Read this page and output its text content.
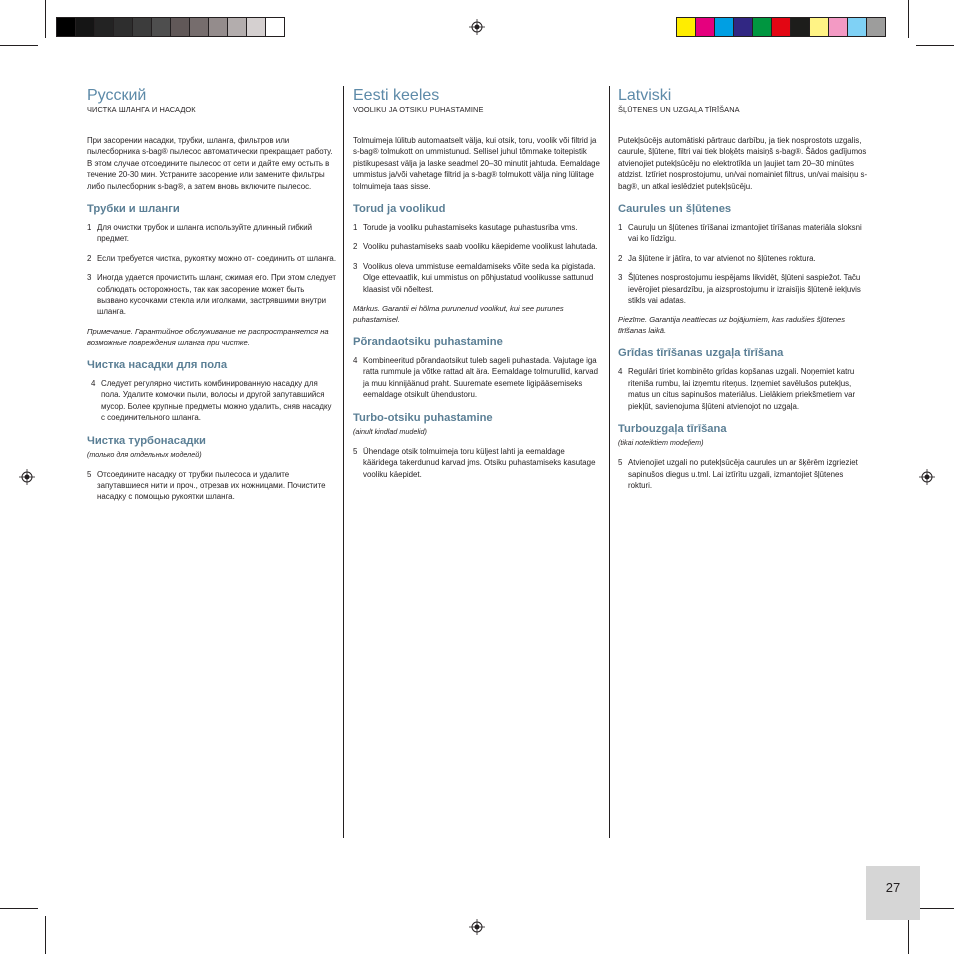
Русский
ЧИСТКА ШЛАНГА И НАСАДОК

При засорении насадки, трубки, шланга, фильтров или пылесборника s-bag® пылесос автоматически прекращает работу. В этом случае отсоедините пылесос от сети и дайте ему остыть в течение 20-30 мин. Устраните засорение или замените фильтры либо пылесборник s-bag®, а затем вновь включите пылесос.

Трубки и шланги
1 Для очистки трубок и шланга используйте длинный гибкий предмет.
2 Если требуется чистка, рукоятку можно от- соединить от шланга.
3 Иногда удается прочистить шланг, сжимая его. При этом следует соблюдать осторожность, так как засорение может быть вызвано кусочками стекла или иголками, застрявшими внутри шланга.

Примечание. Гарантийное обслуживание не распространяется на возможные повреждения шланга при чистке.

Чистка насадки для пола
4 Следует регулярно чистить комбинированную насадку для пола. Удалите комочки пыли, волосы и другой запутавшийся мусор. Более крупные предметы можно удалить, сняв насадку с соединительного шланга.
Чистка турбонасадки
(только для отдельных моделей)
5 Отсоедините насадку от трубки пылесоса и удалите запутавшиеся нити и проч., отрезав их ножницами. Почистите насадку с помощью рукоятки шланга.
Eesti keeles
VOOLIKU JA OTSIKU PUHASTAMINE

Tolmuimeja lülitub automaatselt välja, kui otsik, toru, voolik või filtrid ja s-bag® tolmukott on ummistunud. Sellisel juhul tõmmake toitepistik pistikupesast välja ja laske seadmel 20–30 minutit jahtuda. Eemaldage ummistus ja/või vahetage filtrid ja s-bag® tolmukott välja ning lülitage tolmuimeja taas sisse.

Torud ja voolikud
1 Torude ja vooliku puhastamiseks kasutage puhastusriba vms.
2 Vooliku puhastamiseks saab vooliku käepideme voolikust lahutada.
3 Voolikus oleva ummistuse eemaldamiseks võite seda ka pigistada. Olge ettevaatlik, kui ummistus on põhjustatud voolikusse sattunud klaasist või nõeltest.

Märkus. Garantii ei hõlma purunenud voolikut, kui see purunes puhastamisel.

Põrandaotsiku puhastamine
4 Kombineeritud põrandaotsikut tuleb sageli puhastada. Vajutage iga ratta rummule ja võtke rattad alt ära. Eemaldage tolmurullid, karvad ja muu kinnijäänud praht. Suuremate esemete ligipääsemiseks eemaldage otsikult ühendustoru.
Turbo-otsiku puhastamine
(ainult kindlad mudelid)
5 Ühendage otsik tolmuimeja toru küljest lahti ja eemaldage kääridega takerdunud karvad jms. Otsiku puhastamiseks kasutage vooliku käepidet.
Latviski
ŠĻŪTENES UN UZGAĻA TĪRĪŠANA

Putekļsūcējs automātiski pārtrauc darbību, ja tiek nosprostots uzgalis, caurule, šļūtene, filtri vai tiek bloķēts maisiņš s-bag®. Šādos gadījumos atvienojiet putekļsūcēju no elektrotīkla un ļaujiet tam 20–30 minūtes atdzist. Iztīriet nosprostojumu, un/vai nomainiet filtrus, un/vai maisiņu s-bag®, un atkal ieslēdziet putekļsūcēju.

Caurules un šļūtenes
1 Cauruļu un šļūtenes tīrīšanai izmantojiet tīrīšanas materiāla sloksni vai ko līdzīgu.
2 Ja šļūtene ir jātīra, to var atvienot no šļūtenes roktura.
3 Šļūtenes nosprostojumu iespējams likvidēt, šļūteni saspiežot. Taču ievērojiet piesardzību, ja aizsprostojumu ir izraisījis šļūtenē iekļuvis stikls vai adatas.

Piezīme. Garantija neattiecas uz bojājumiem, kas radušies šļūtenes tīrīšanas laikā.

Grīdas tīrīšanas uzgaļa tīrīšana
4 Regulāri tīriet kombinēto grīdas kopšanas uzgali. Noņemiet katru riteniša rumbu, lai izņemtu riteņus. Izņemiet savēlušos putekļus, matus un citus sapinušos materiālus. Lielākiem priekšmetiem var piekļūt, savienojuma šļūteni atvienojot no uzgaļa.
Turbouzgaļa tīrīšana
(tikai noteiktiem modeļiem)
5 Atvienojiet uzgali no putekļsūcēja caurules un ar šķērēm izgrieziet sapinušos diegus u.tml. Lai iztīrītu uzgali, izmantojiet šļūtenes rokturi.
27
